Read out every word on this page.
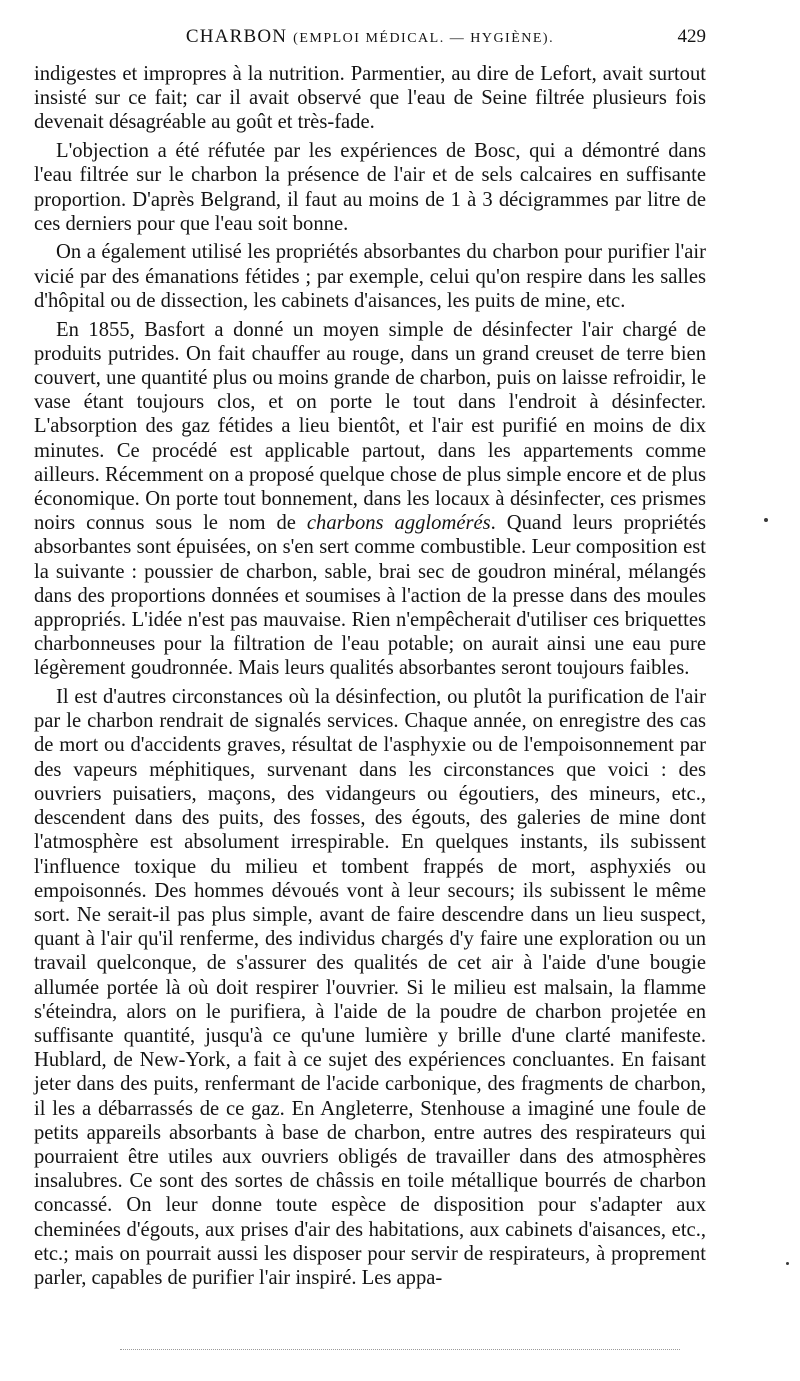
CHARBON (EMPLOI MÉDICAL. — HYGIÈNE).	429

indigestes et impropres à la nutrition. Parmentier, au dire de Lefort, avait surtout insisté sur ce fait; car il avait observé que l'eau de Seine filtrée plusieurs fois devenait désagréable au goût et très-fade.

L'objection a été réfutée par les expériences de Bosc, qui a démontré dans l'eau filtrée sur le charbon la présence de l'air et de sels calcaires en suffisante proportion. D'après Belgrand, il faut au moins de 1 à 3 décigrammes par litre de ces derniers pour que l'eau soit bonne.

On a également utilisé les propriétés absorbantes du charbon pour purifier l'air vicié par des émanations fétides ; par exemple, celui qu'on respire dans les salles d'hôpital ou de dissection, les cabinets d'aisances, les puits de mine, etc.

En 1855, Basfort a donné un moyen simple de désinfecter l'air chargé de produits putrides. On fait chauffer au rouge, dans un grand creuset de terre bien couvert, une quantité plus ou moins grande de charbon, puis on laisse refroidir, le vase étant toujours clos, et on porte le tout dans l'endroit à désinfecter. L'absorption des gaz fétides a lieu bientôt, et l'air est purifié en moins de dix minutes. Ce procédé est applicable partout, dans les appartements comme ailleurs. Récemment on a proposé quelque chose de plus simple encore et de plus économique. On porte tout bonnement, dans les locaux à désinfecter, ces prismes noirs connus sous le nom de charbons agglomérés. Quand leurs propriétés absorbantes sont épuisées, on s'en sert comme combustible. Leur composition est la suivante : poussier de charbon, sable, brai sec de goudron minéral, mélangés dans des proportions données et soumises à l'action de la presse dans des moules appropriés. L'idée n'est pas mauvaise. Rien n'empêcherait d'utiliser ces briquettes charbonneuses pour la filtration de l'eau potable; on aurait ainsi une eau pure légèrement goudronnée. Mais leurs qualités absorbantes seront toujours faibles.

Il est d'autres circonstances où la désinfection, ou plutôt la purification de l'air par le charbon rendrait de signalés services. Chaque année, on enregistre des cas de mort ou d'accidents graves, résultat de l'asphyxie ou de l'empoisonnement par des vapeurs méphitiques, survenant dans les circonstances que voici : des ouvriers puisatiers, maçons, des vidangeurs ou égoutiers, des mineurs, etc., descendent dans des puits, des fosses, des égouts, des galeries de mine dont l'atmosphère est absolument irrespirable. En quelques instants, ils subissent l'influence toxique du milieu et tombent frappés de mort, asphyxiés ou empoisonnés. Des hommes dévoués vont à leur secours; ils subissent le même sort. Ne serait-il pas plus simple, avant de faire descendre dans un lieu suspect, quant à l'air qu'il renferme, des individus chargés d'y faire une exploration ou un travail quelconque, de s'assurer des qualités de cet air à l'aide d'une bougie allumée portée là où doit respirer l'ouvrier. Si le milieu est malsain, la flamme s'éteindra, alors on le purifiera, à l'aide de la poudre de charbon projetée en suffisante quantité, jusqu'à ce qu'une lumière y brille d'une clarté manifeste. Hublard, de New-York, a fait à ce sujet des expériences concluantes. En faisant jeter dans des puits, renfermant de l'acide carbonique, des fragments de charbon, il les a débarrassés de ce gaz. En Angleterre, Stenhouse a imaginé une foule de petits appareils absorbants à base de charbon, entre autres des respirateurs qui pourraient être utiles aux ouvriers obligés de travailler dans des atmosphères insalubres. Ce sont des sortes de châssis en toile métallique bourrés de charbon concassé. On leur donne toute espèce de disposition pour s'adapter aux cheminées d'égouts, aux prises d'air des habitations, aux cabinets d'aisances, etc., etc.; mais on pourrait aussi les disposer pour servir de respirateurs, à proprement parler, capables de purifier l'air inspiré. Les appa-
